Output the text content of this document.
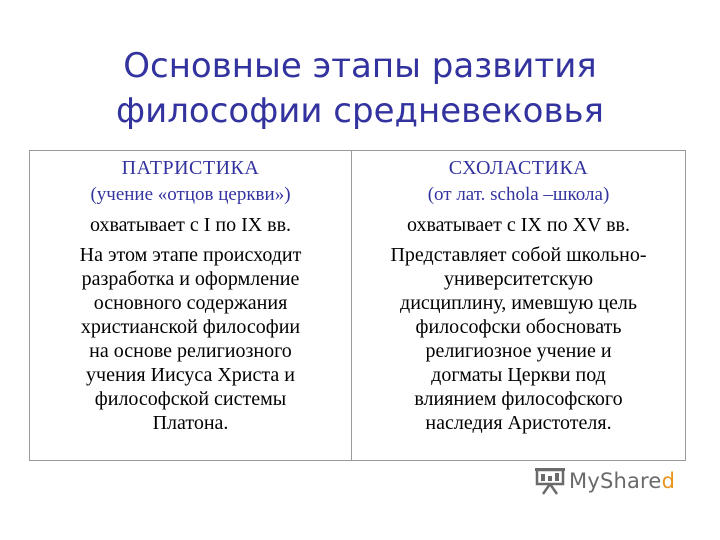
Основные этапы развития
философии средневековья

ПАТРИСТИКА

(учение «отцов церкви»)

охватывает с I по IX вв.

На этом этапе происходит
разработка и оформление
основного содержания
христианской философии
на основе религиозного
учения Иисуса Христа и
философской системы
Платона.

СХОЛАСТИКА

(от лат. schola –школа)

охватывает с IX по XV вв.

Представляет собой школьно-
университетскую
дисциплину, имевшую цель
философски обосновать
религиозное учение и
догматы Церкви под
влиянием философского
наследия Аристотеля.
MyShared
